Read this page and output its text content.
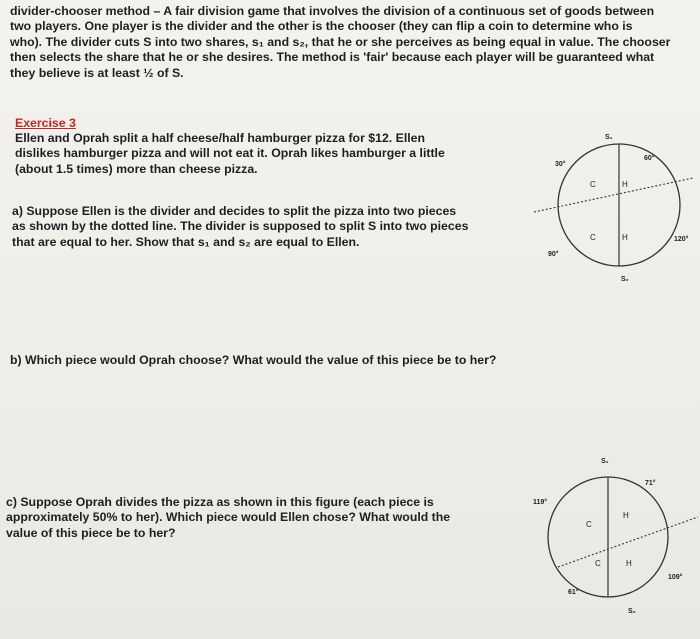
divider-chooser method – A fair division game that involves the division of a continuous set of goods between
two players. One player is the divider and the other is the chooser (they can flip a coin to determine who is
who). The divider cuts S into two shares, s₁ and s₂, that he or she perceives as being equal in value. The chooser
then selects the share that he or she desires. The method is 'fair' because each player will be guaranteed what
they believe is at least ½ of S.
Exercise 3
Ellen and Oprah split a half cheese/half hamburger pizza for $12. Ellen
dislikes hamburger pizza and will not eat it. Oprah likes hamburger a little
(about 1.5 times) more than cheese pizza.
a) Suppose Ellen is the divider and decides to split the pizza into two pieces
as shown by the dotted line. The divider is supposed to split S into two pieces
that are equal to her. Show that s₁ and s₂ are equal to Ellen.
b) Which piece would Oprah choose? What would the value of this piece be to her?
c) Suppose Oprah divides the pizza as shown in this figure (each piece is
approximately 50% to her). Which piece would Ellen chose? What would the
value of this piece be to her?
S₁
S₂
30°
60°
90°
120°
C	H
C	H
S₁
S₂
119°
71°
109°
61°
H
C
C	H
